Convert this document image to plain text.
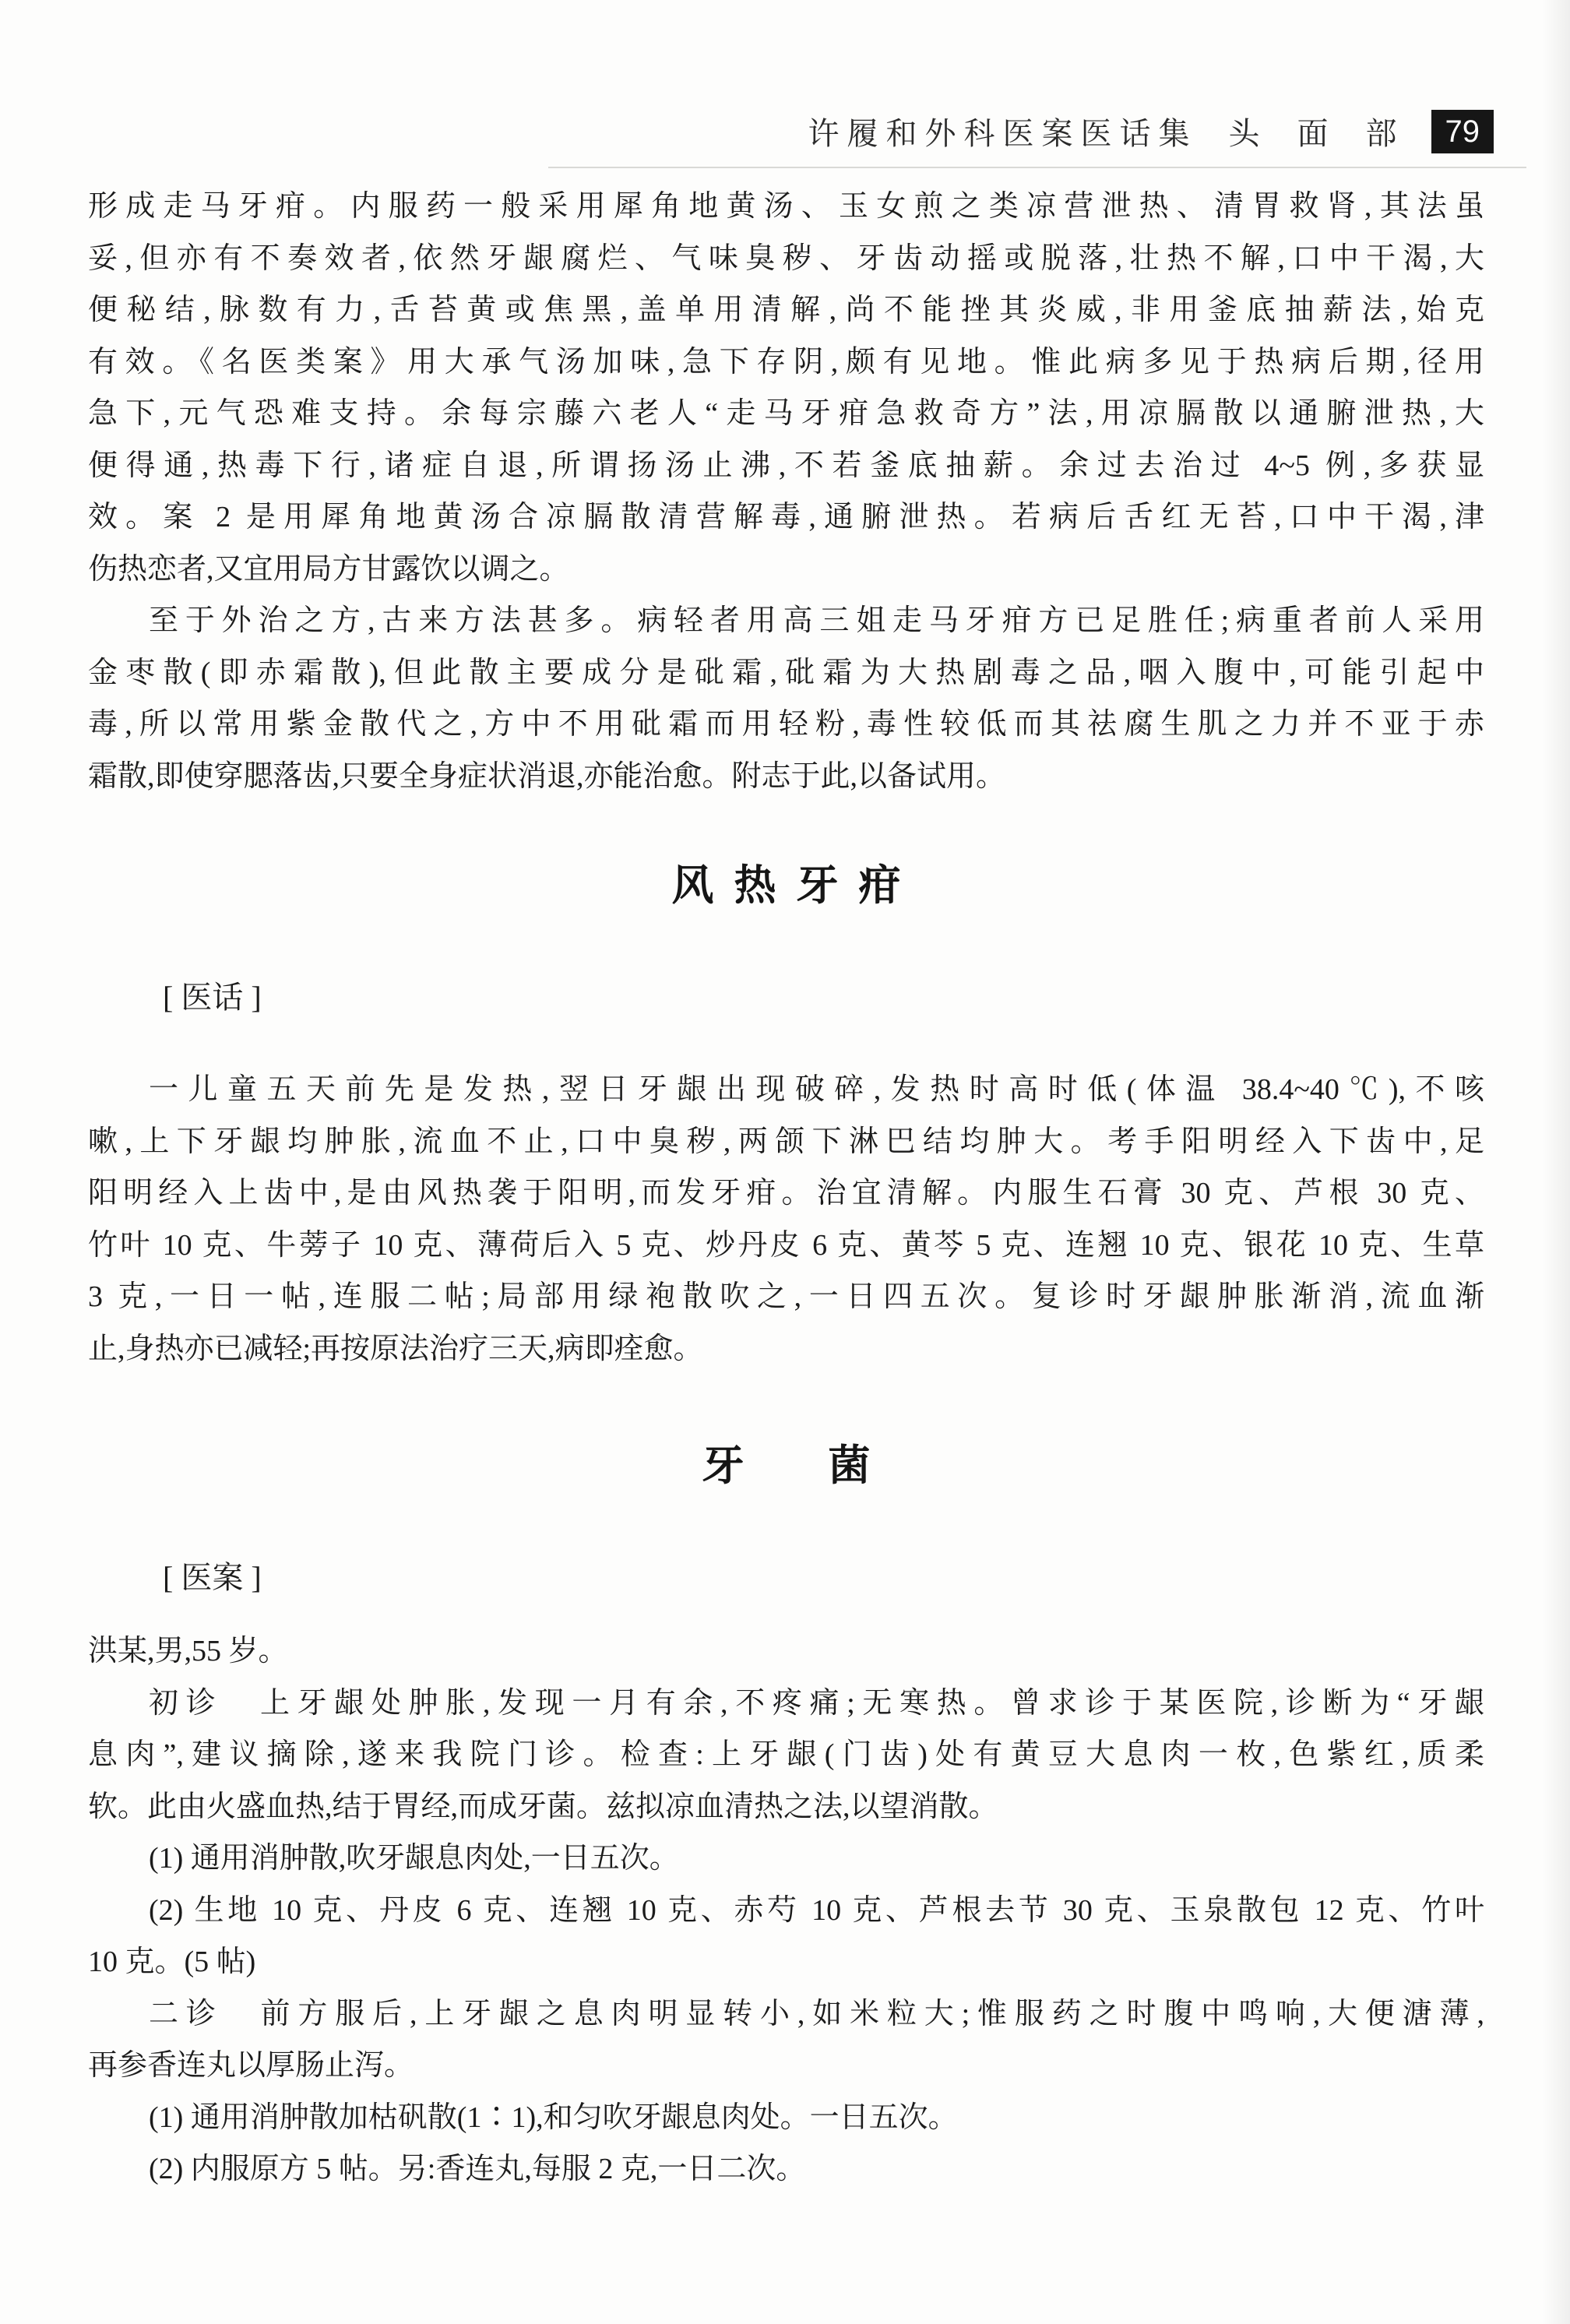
许履和外科医案医话集 头　面　部	79

形成走马牙疳。内服药一般采用犀角地黄汤、玉女煎之类凉营泄热、清胃救肾,其法虽

妥,但亦有不奏效者,依然牙龈腐烂、气味臭秽、牙齿动摇或脱落,壮热不解,口中干渴,大

便秘结,脉数有力,舌苔黄或焦黑,盖单用清解,尚不能挫其炎威,非用釜底抽薪法,始克

有效。《名医类案》用大承气汤加味,急下存阴,颇有见地。惟此病多见于热病后期,径用

急下,元气恐难支持。余每宗藤六老人“走马牙疳急救奇方”法,用凉膈散以通腑泄热,大

便得通,热毒下行,诸症自退,所谓扬汤止沸,不若釜底抽薪。余过去治过 4~5 例,多获显

效。案 2 是用犀角地黄汤合凉膈散清营解毒,通腑泄热。若病后舌红无苔,口中干渴,津

伤热恋者,又宜用局方甘露饮以调之。

至于外治之方,古来方法甚多。病轻者用高三姐走马牙疳方已足胜任;病重者前人采用

金枣散(即赤霜散),但此散主要成分是砒霜,砒霜为大热剧毒之品,咽入腹中,可能引起中

毒,所以常用紫金散代之,方中不用砒霜而用轻粉,毒性较低而其祛腐生肌之力并不亚于赤

霜散,即使穿腮落齿,只要全身症状消退,亦能治愈。附志于此,以备试用。

风热牙疳

[ 医话 ]

一儿童五天前先是发热,翌日牙龈出现破碎,发热时高时低(体温 38.4~40℃),不咳

嗽,上下牙龈均肿胀,流血不止,口中臭秽,两颌下淋巴结均肿大。考手阳明经入下齿中,足

阳明经入上齿中,是由风热袭于阳明,而发牙疳。治宜清解。内服生石膏 30 克、芦根 30 克、

竹叶 10 克、牛蒡子 10 克、薄荷后入 5 克、炒丹皮 6 克、黄芩 5 克、连翘 10 克、银花 10 克、生草

3 克,一日一帖,连服二帖;局部用绿袍散吹之,一日四五次。复诊时牙龈肿胀渐消,流血渐

止,身热亦已减轻;再按原法治疗三天,病即痊愈。

牙　　菌

[ 医案 ]

洪某,男,55 岁。

初诊　上牙龈处肿胀,发现一月有余,不疼痛;无寒热。曾求诊于某医院,诊断为“牙龈

息肉”,建议摘除,遂来我院门诊。检查:上牙龈(门齿)处有黄豆大息肉一枚,色紫红,质柔

软。此由火盛血热,结于胃经,而成牙菌。兹拟凉血清热之法,以望消散。

(1) 通用消肿散,吹牙龈息肉处,一日五次。

(2) 生地 10 克、丹皮 6 克、连翘 10 克、赤芍 10 克、芦根去节 30 克、玉泉散包 12 克、竹叶

10 克。(5 帖)

二诊　前方服后,上牙龈之息肉明显转小,如米粒大;惟服药之时腹中鸣响,大便溏薄,

再参香连丸以厚肠止泻。

(1) 通用消肿散加枯矾散(1∶1),和匀吹牙龈息肉处。一日五次。

(2) 内服原方 5 帖。另:香连丸,每服 2 克,一日二次。
